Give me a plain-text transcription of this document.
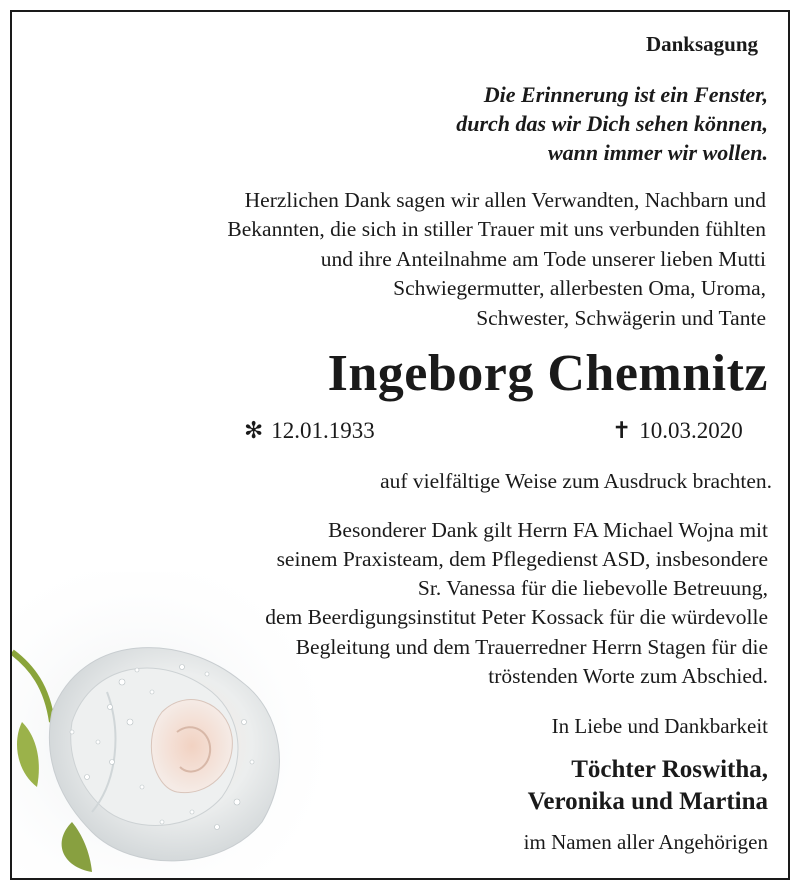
Danksagung
Die Erinnerung ist ein Fenster,
durch das wir Dich sehen können,
wann immer wir wollen.
Herzlichen Dank sagen wir allen Verwandten, Nachbarn und
Bekannten, die sich in stiller Trauer mit uns verbunden fühlten
und ihre Anteilnahme am Tode unserer lieben Mutti
Schwiegermutter, allerbesten Oma, Uroma,
Schwester, Schwägerin und Tante
Ingeborg Chemnitz
✻ 12.01.1933	✝ 10.03.2020
auf vielfältige Weise zum Ausdruck brachten.
Besonderer Dank gilt Herrn FA Michael Wojna mit
seinem Praxisteam, dem Pflegedienst ASD, insbesondere
Sr. Vanessa für die liebevolle Betreuung,
dem Beerdigungsinstitut Peter Kossack für die würdevolle
Begleitung und dem Trauerredner Herrn Stagen für die
tröstenden Worte zum Abschied.
In Liebe und Dankbarkeit
Töchter Roswitha,
Veronika und Martina
im Namen aller Angehörigen
